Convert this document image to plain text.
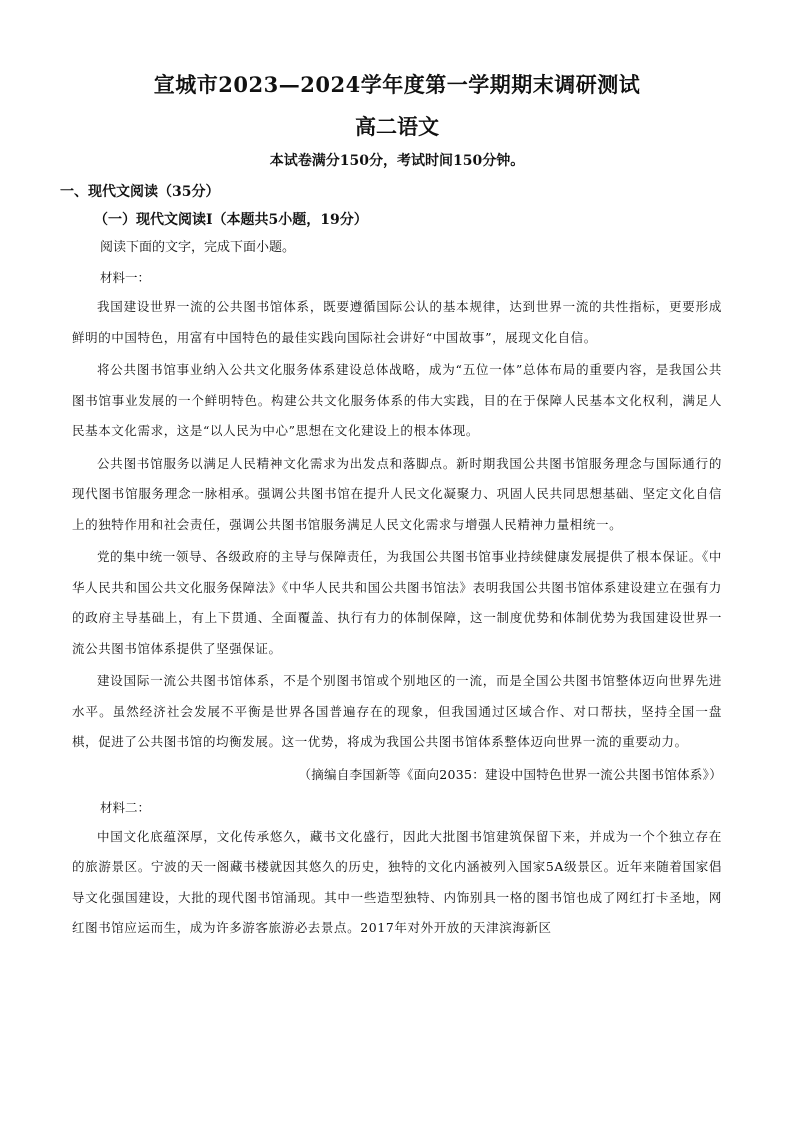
宣城市2023—2024学年度第一学期期末调研测试
高二语文
本试卷满分150分，考试时间150分钟。
一、现代文阅读（35分）
（一）现代文阅读Ⅰ（本题共5小题，19分）
阅读下面的文字，完成下面小题。
材料一：

我国建设世界一流的公共图书馆体系，既要遵循国际公认的基本规律，达到世界一流的共性指标，更要形成鲜明的中国特色，用富有中国特色的最佳实践向国际社会讲好“中国故事”，展现文化自信。

将公共图书馆事业纳入公共文化服务体系建设总体战略，成为“五位一体”总体布局的重要内容，是我国公共图书馆事业发展的一个鲜明特色。构建公共文化服务体系的伟大实践，目的在于保障人民基本文化权利，满足人民基本文化需求，这是“以人民为中心”思想在文化建设上的根本体现。

公共图书馆服务以满足人民精神文化需求为出发点和落脚点。新时期我国公共图书馆服务理念与国际通行的现代图书馆服务理念一脉相承。强调公共图书馆在提升人民文化凝聚力、巩固人民共同思想基础、坚定文化自信上的独特作用和社会责任，强调公共图书馆服务满足人民文化需求与增强人民精神力量相统一。

党的集中统一领导、各级政府的主导与保障责任，为我国公共图书馆事业持续健康发展提供了根本保证。《中华人民共和国公共文化服务保障法》《中华人民共和国公共图书馆法》表明我国公共图书馆体系建设建立在强有力的政府主导基础上，有上下贯通、全面覆盖、执行有力的体制保障，这一制度优势和体制优势为我国建设世界一流公共图书馆体系提供了坚强保证。

建设国际一流公共图书馆体系，不是个别图书馆或个别地区的一流，而是全国公共图书馆整体迈向世界先进水平。虽然经济社会发展不平衡是世界各国普遍存在的现象，但我国通过区域合作、对口帮扶，坚持全国一盘棋，促进了公共图书馆的均衡发展。这一优势，将成为我国公共图书馆体系整体迈向世界一流的重要动力。

（摘编自李国新等《面向2035：建设中国特色世界一流公共图书馆体系》）
材料二：

中国文化底蕴深厚，文化传承悠久，藏书文化盛行，因此大批图书馆建筑保留下来，并成为一个个独立存在的旅游景区。宁波的天一阁藏书楼就因其悠久的历史，独特的文化内涵被列入国家5A级景区。近年来随着国家倡导文化强国建设，大批的现代图书馆涌现。其中一些造型独特、内饰别具一格的图书馆也成了网红打卡圣地，网红图书馆应运而生，成为许多游客旅游必去景点。2017年对外开放的天津滨海新区
